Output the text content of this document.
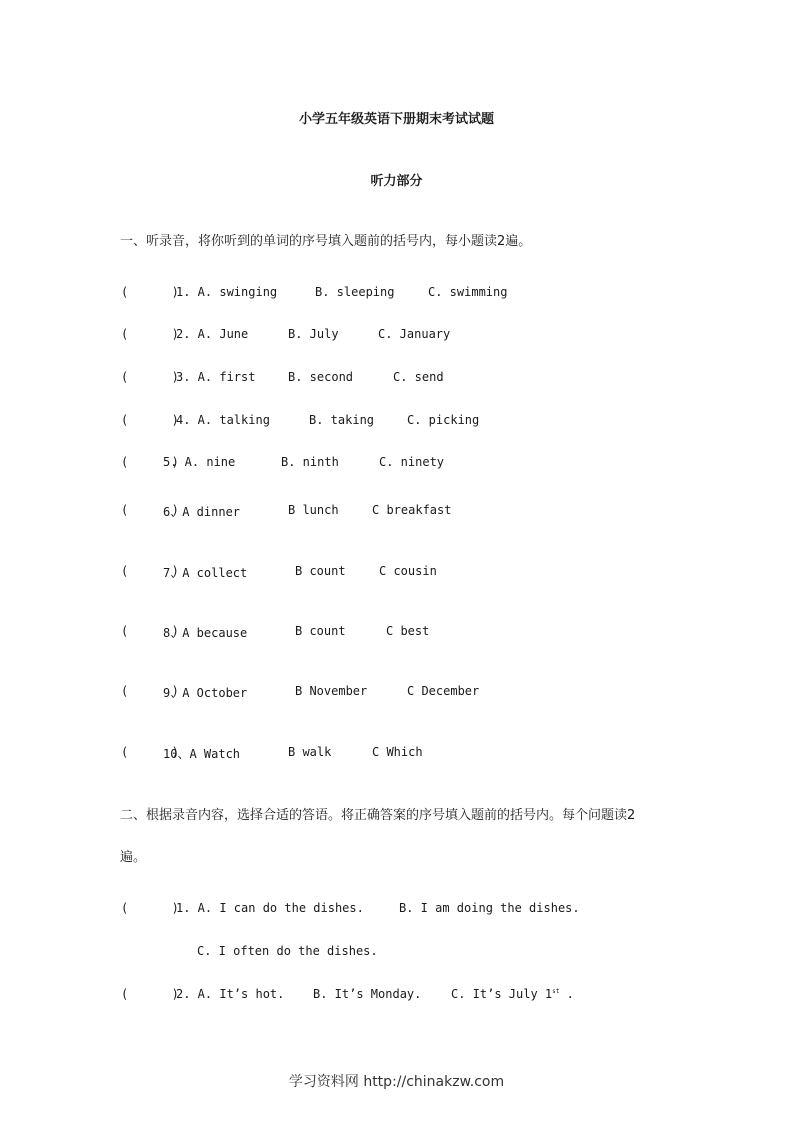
小学五年级英语下册期末考试试题
听力部分
一、听录音，将你听到的单词的序号填入题前的括号内，每小题读2遍。
(      )
1. A. swinging	B. sleeping	C. swimming
(      )
2. A. June	B. July	C. January
(      )
3. A. first	B. second	C. send
(      )
4. A. talking	B. taking	C. picking
(      )
5. A. nine	B. ninth	C. ninety
(      )
6、A dinner	B lunch	C breakfast
(      )
7、A collect	B count	C cousin
(      )
8、A because	B count	C best
(      )
9、A October	B November	C December
(      )
10、A Watch	B walk	C Which
二、根据录音内容，选择合适的答语。将正确答案的序号填入题前的括号内。每个问题读2
遍。
(      )
1. A. I can do the dishes.	B. I am doing the dishes.
C. I often do the dishes.
(      )
2. A. It’s hot. B. It’s Monday. C. It’s July 1st .
学习资料网 http://chinakzw.com
